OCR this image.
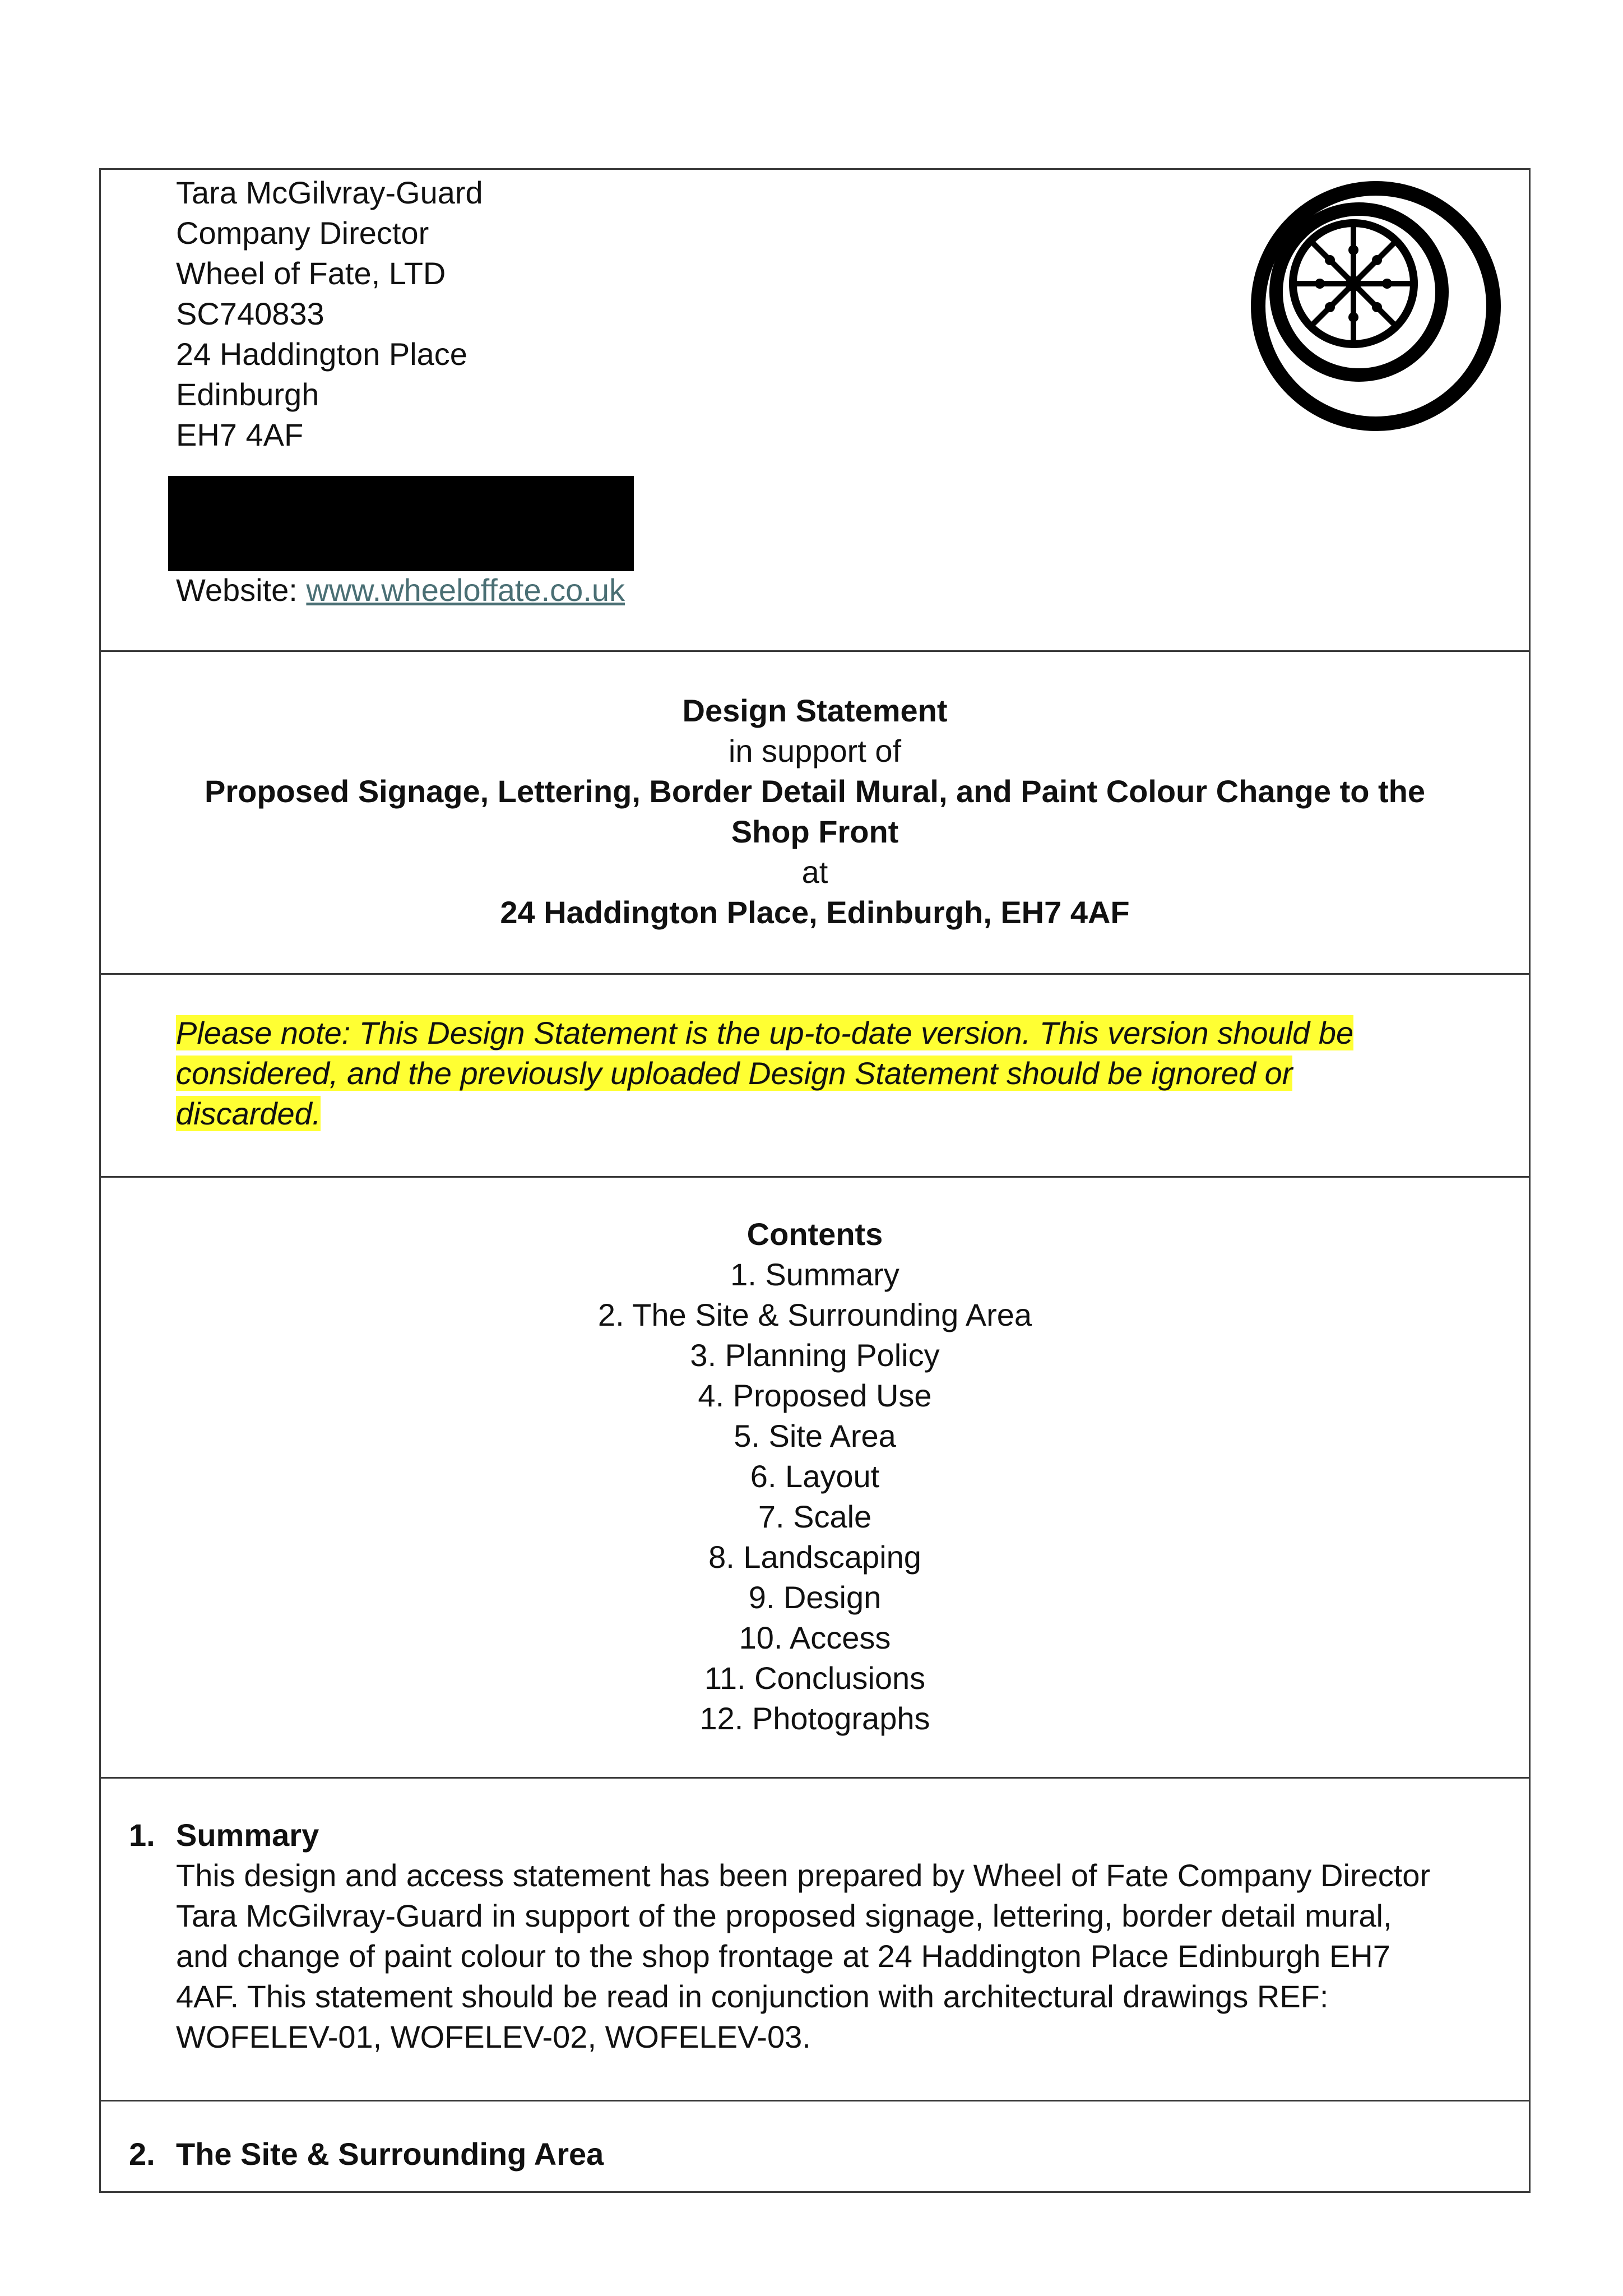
Tara McGilvray-Guard
Company Director
Wheel of Fate, LTD
SC740833
24 Haddington Place
Edinburgh
EH7 4AF
Website: www.wheeloffate.co.uk
Design Statement
in support of
Proposed Signage, Lettering, Border Detail Mural, and Paint Colour Change to the
Shop Front
at
24 Haddington Place, Edinburgh, EH7 4AF
Please note: This Design Statement is the up-to-date version. This version should be
considered, and the previously uploaded Design Statement should be ignored or
discarded.
Contents
1. Summary
2. The Site & Surrounding Area
3. Planning Policy
4. Proposed Use
5. Site Area
6. Layout
7. Scale
8. Landscaping
9. Design
10. Access
11. Conclusions
12. Photographs
1. Summary
This design and access statement has been prepared by Wheel of Fate Company Director
Tara McGilvray-Guard in support of the proposed signage, lettering, border detail mural,
and change of paint colour to the shop frontage at 24 Haddington Place Edinburgh EH7
4AF. This statement should be read in conjunction with architectural drawings REF:
WOFELEV-01, WOFELEV-02, WOFELEV-03.
2. The Site & Surrounding Area
